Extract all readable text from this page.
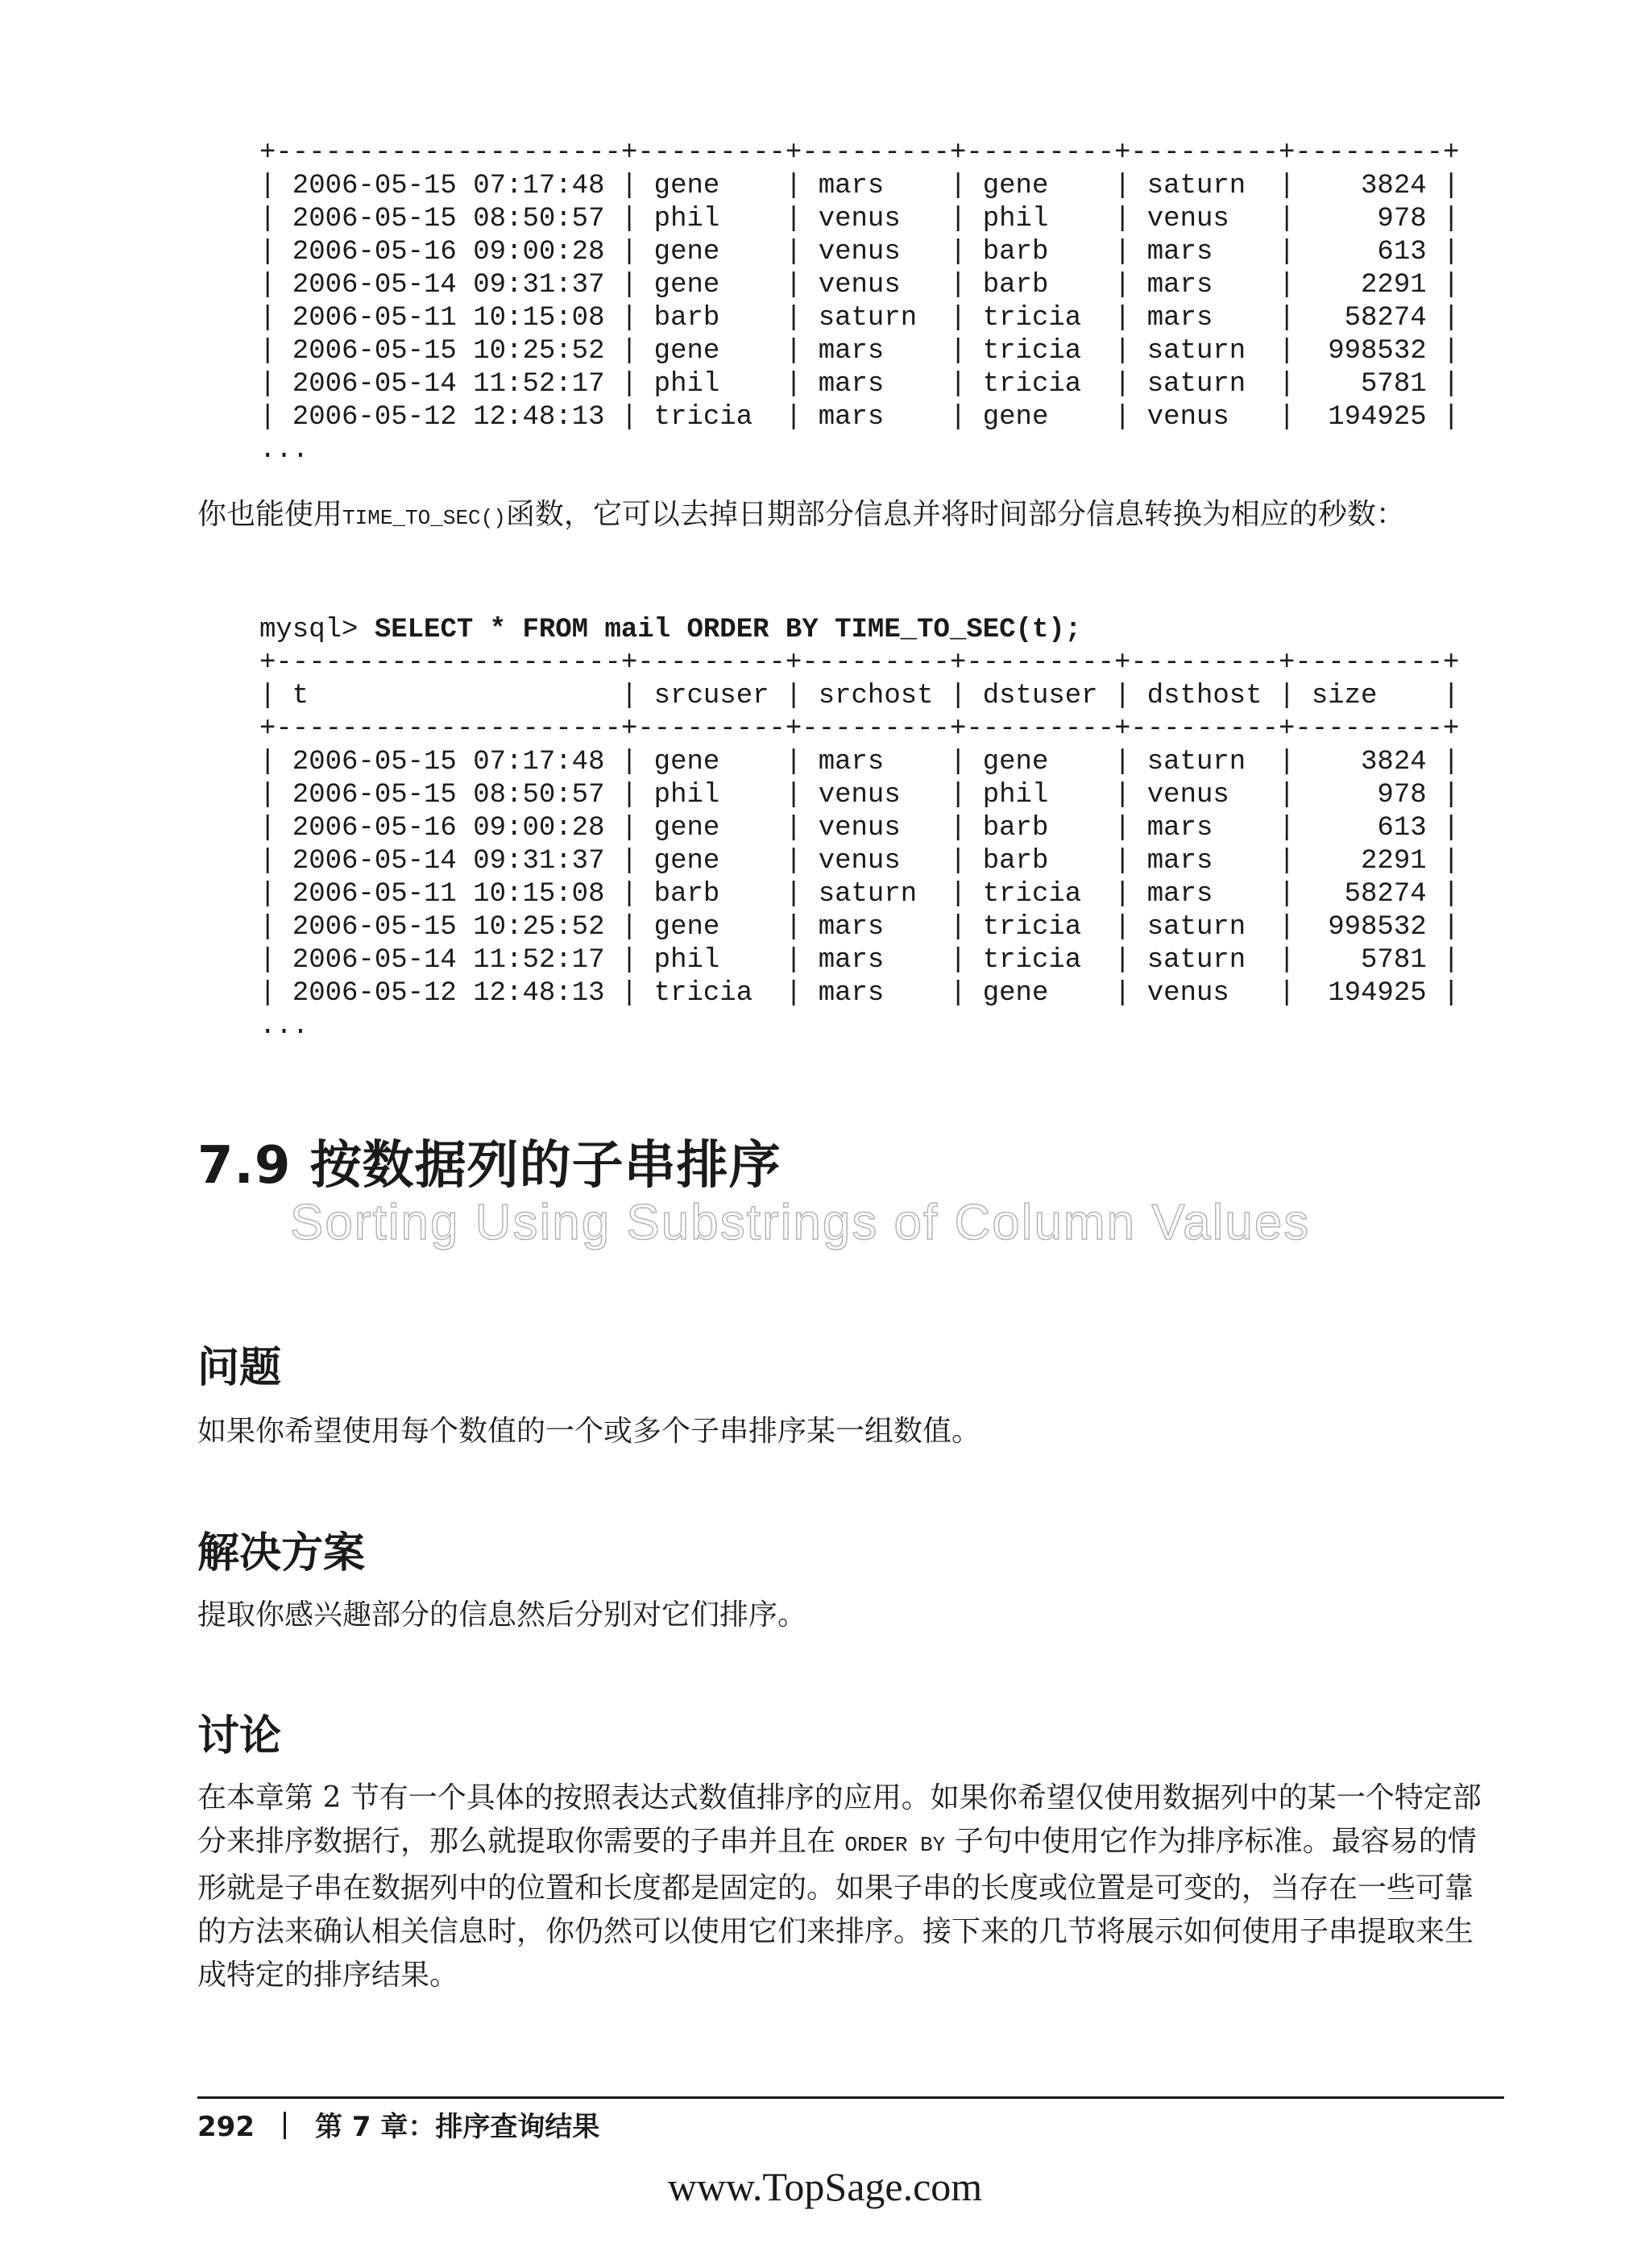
+---------------------+---------+---------+---------+---------+---------+
| 2006-05-15 07:17:48 | gene    | mars    | gene    | saturn  |    3824 |
| 2006-05-15 08:50:57 | phil    | venus   | phil    | venus   |     978 |
| 2006-05-16 09:00:28 | gene    | venus   | barb    | mars    |     613 |
| 2006-05-14 09:31:37 | gene    | venus   | barb    | mars    |    2291 |
| 2006-05-11 10:15:08 | barb    | saturn  | tricia  | mars    |   58274 |
| 2006-05-15 10:25:52 | gene    | mars    | tricia  | saturn  |  998532 |
| 2006-05-14 11:52:17 | phil    | mars    | tricia  | saturn  |    5781 |
| 2006-05-12 12:48:13 | tricia  | mars    | gene    | venus   |  194925 |
...

你也能使用TIME_TO_SEC()函数，它可以去掉日期部分信息并将时间部分信息转换为相应的秒数：

mysql> SELECT * FROM mail ORDER BY TIME_TO_SEC(t);
+---------------------+---------+---------+---------+---------+---------+
| t                   | srcuser | srchost | dstuser | dsthost | size    |
+---------------------+---------+---------+---------+---------+---------+
| 2006-05-15 07:17:48 | gene    | mars    | gene    | saturn  |    3824 |
| 2006-05-15 08:50:57 | phil    | venus   | phil    | venus   |     978 |
| 2006-05-16 09:00:28 | gene    | venus   | barb    | mars    |     613 |
| 2006-05-14 09:31:37 | gene    | venus   | barb    | mars    |    2291 |
| 2006-05-11 10:15:08 | barb    | saturn  | tricia  | mars    |   58274 |
| 2006-05-15 10:25:52 | gene    | mars    | tricia  | saturn  |  998532 |
| 2006-05-14 11:52:17 | phil    | mars    | tricia  | saturn  |    5781 |
| 2006-05-12 12:48:13 | tricia  | mars    | gene    | venus   |  194925 |
...
7.9 按数据列的子串排序

Sorting Using Substrings of Column Values

问题

如果你希望使用每个数值的一个或多个子串排序某一组数值。

解决方案

提取你感兴趣部分的信息然后分别对它们排序。

讨论

在本章第 2 节有一个具体的按照表达式数值排序的应用。如果你希望仅使用数据列中的某一个特定部分来排序数据行，那么就提取你需要的子串并且在 ORDER BY 子句中使用它作为排序标准。最容易的情形就是子串在数据列中的位置和长度都是固定的。如果子串的长度或位置是可变的，当存在一些可靠的方法来确认相关信息时，你仍然可以使用它们来排序。接下来的几节将展示如何使用子串提取来生成特定的排序结果。

292 第 7 章：排序查询结果

www.TopSage.com
